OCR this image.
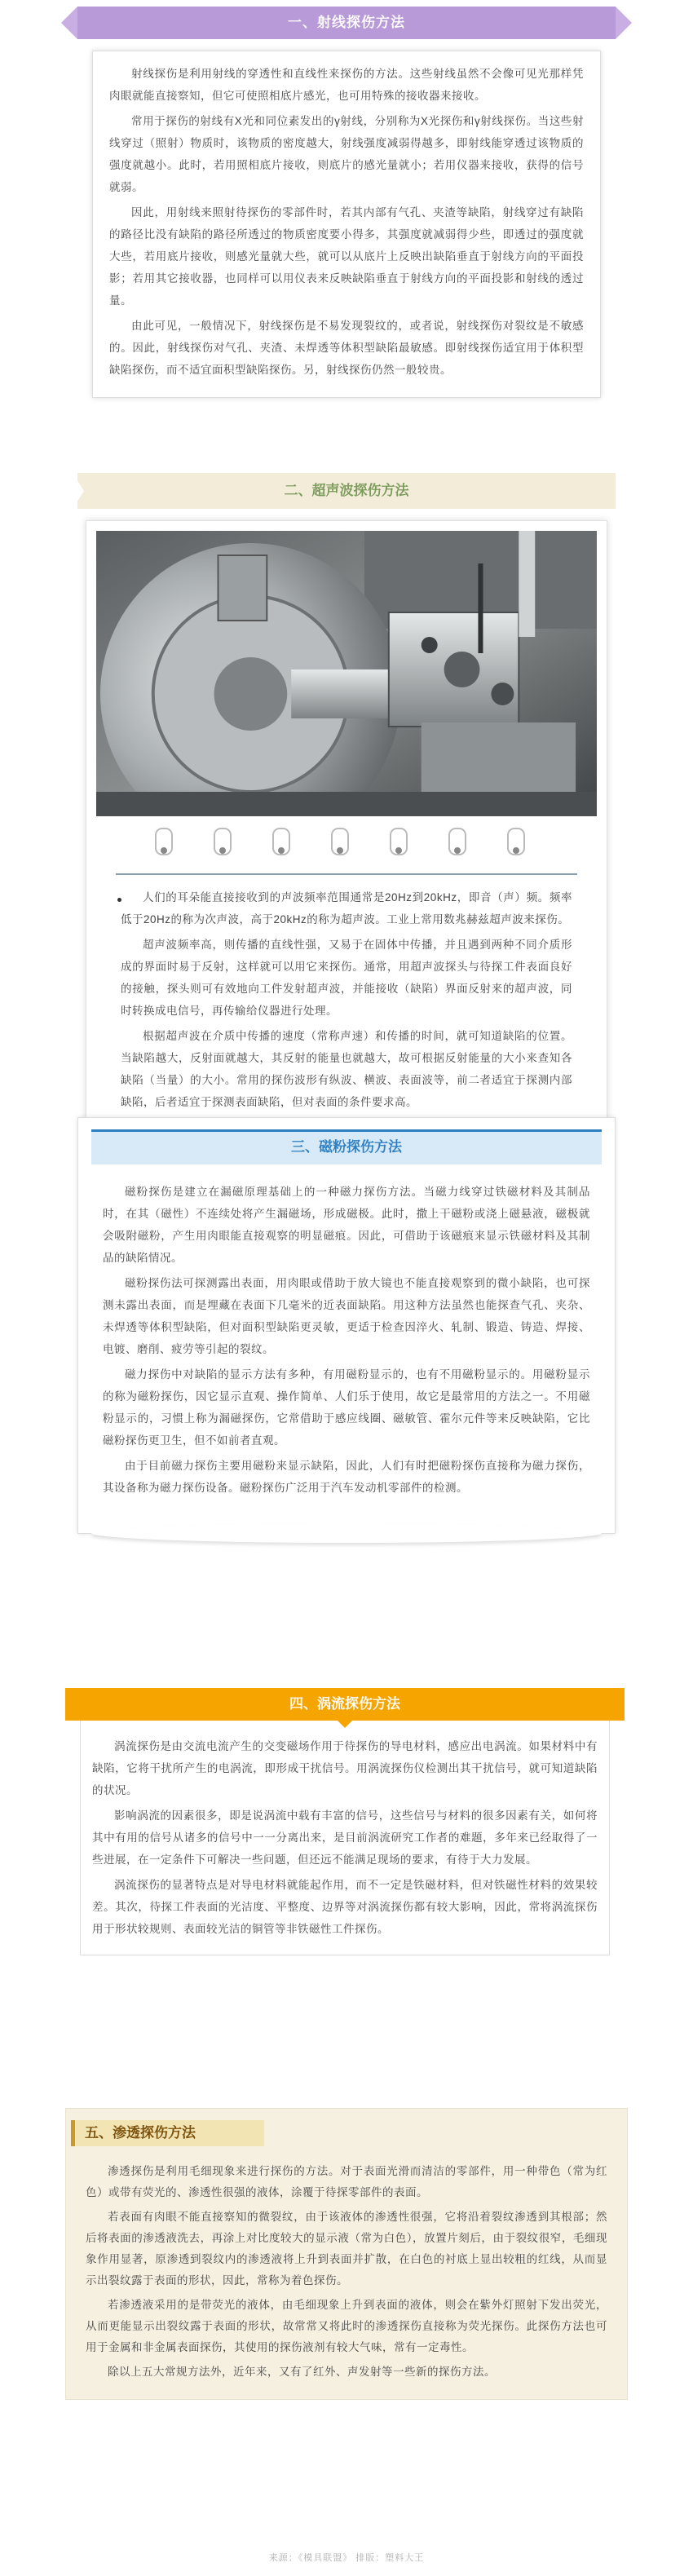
一、射线探伤方法

射线探伤是利用射线的穿透性和直线性来探伤的方法。这些射线虽然不会像可见光那样凭肉眼就能直接察知，但它可使照相底片感光，也可用特殊的接收器来接收。

常用于探伤的射线有X光和同位素发出的γ射线，分别称为X光探伤和γ射线探伤。当这些射线穿过（照射）物质时，该物质的密度越大，射线强度减弱得越多，即射线能穿透过该物质的强度就越小。此时，若用照相底片接收，则底片的感光量就小；若用仪器来接收，获得的信号就弱。

因此，用射线来照射待探伤的零部件时，若其内部有气孔、夹渣等缺陷，射线穿过有缺陷的路径比没有缺陷的路径所透过的物质密度要小得多，其强度就减弱得少些，即透过的强度就大些，若用底片接收，则感光量就大些，就可以从底片上反映出缺陷垂直于射线方向的平面投影；若用其它接收器，也同样可以用仪表来反映缺陷垂直于射线方向的平面投影和射线的透过量。

由此可见，一般情况下，射线探伤是不易发现裂纹的，或者说，射线探伤对裂纹是不敏感的。因此，射线探伤对气孔、夹渣、未焊透等体积型缺陷最敏感。即射线探伤适宜用于体积型缺陷探伤，而不适宜面积型缺陷探伤。另，射线探伤仍然一般较贵。

二、超声波探伤方法

人们的耳朵能直接接收到的声波频率范围通常是20Hz到20kHz，即音（声）频。频率低于20Hz的称为次声波，高于20kHz的称为超声波。工业上常用数兆赫兹超声波来探伤。

超声波频率高，则传播的直线性强，又易于在固体中传播，并且遇到两种不同介质形成的界面时易于反射，这样就可以用它来探伤。通常，用超声波探头与待探工件表面良好的接触，探头则可有效地向工件发射超声波，并能接收（缺陷）界面反射来的超声波，同时转换成电信号，再传输给仪器进行处理。

根据超声波在介质中传播的速度（常称声速）和传播的时间，就可知道缺陷的位置。当缺陷越大，反射面就越大，其反射的能量也就越大，故可根据反射能量的大小来查知各缺陷（当量）的大小。常用的探伤波形有纵波、横波、表面波等，前二者适宜于探测内部缺陷，后者适宜于探测表面缺陷，但对表面的条件要求高。

三、磁粉探伤方法

磁粉探伤是建立在漏磁原理基础上的一种磁力探伤方法。当磁力线穿过铁磁材料及其制品时，在其（磁性）不连续处将产生漏磁场，形成磁极。此时，撒上干磁粉或浇上磁悬液，磁极就会吸附磁粉，产生用肉眼能直接观察的明显磁痕。因此，可借助于该磁痕来显示铁磁材料及其制品的缺陷情况。

磁粉探伤法可探测露出表面，用肉眼或借助于放大镜也不能直接观察到的微小缺陷，也可探测未露出表面，而是埋藏在表面下几毫米的近表面缺陷。用这种方法虽然也能探查气孔、夹杂、未焊透等体积型缺陷，但对面积型缺陷更灵敏，更适于检查因淬火、轧制、锻造、铸造、焊接、电镀、磨削、疲劳等引起的裂纹。

磁力探伤中对缺陷的显示方法有多种，有用磁粉显示的，也有不用磁粉显示的。用磁粉显示的称为磁粉探伤，因它显示直观、操作简单、人们乐于使用，故它是最常用的方法之一。不用磁粉显示的，习惯上称为漏磁探伤，它常借助于感应线圈、磁敏管、霍尔元件等来反映缺陷，它比磁粉探伤更卫生，但不如前者直观。

由于目前磁力探伤主要用磁粉来显示缺陷，因此，人们有时把磁粉探伤直接称为磁力探伤，其设备称为磁力探伤设备。磁粉探伤广泛用于汽车发动机零部件的检测。

四、涡流探伤方法

涡流探伤是由交流电流产生的交变磁场作用于待探伤的导电材料，感应出电涡流。如果材料中有缺陷，它将干扰所产生的电涡流，即形成干扰信号。用涡流探伤仪检测出其干扰信号，就可知道缺陷的状况。

影响涡流的因素很多，即是说涡流中载有丰富的信号，这些信号与材料的很多因素有关，如何将其中有用的信号从诸多的信号中一一分离出来，是目前涡流研究工作者的难题，多年来已经取得了一些进展，在一定条件下可解决一些问题，但还远不能满足现场的要求，有待于大力发展。

涡流探伤的显著特点是对导电材料就能起作用，而不一定是铁磁材料，但对铁磁性材料的效果较差。其次，待探工件表面的光洁度、平整度、边界等对涡流探伤都有较大影响，因此，常将涡流探伤用于形状较规则、表面较光洁的铜管等非铁磁性工件探伤。

五、渗透探伤方法

渗透探伤是利用毛细现象来进行探伤的方法。对于表面光滑而清洁的零部件，用一种带色（常为红色）或带有荧光的、渗透性很强的液体，涂覆于待探零部件的表面。

若表面有肉眼不能直接察知的微裂纹，由于该液体的渗透性很强，它将沿着裂纹渗透到其根部；然后将表面的渗透液洗去，再涂上对比度较大的显示液（常为白色），放置片刻后，由于裂纹很窄，毛细现象作用显著，原渗透到裂纹内的渗透液将上升到表面并扩散，在白色的衬底上显出较粗的红线，从而显示出裂纹露于表面的形状，因此，常称为着色探伤。

若渗透液采用的是带荧光的液体，由毛细现象上升到表面的液体，则会在紫外灯照射下发出荧光，从而更能显示出裂纹露于表面的形状，故常常又将此时的渗透探伤直接称为荧光探伤。此探伤方法也可用于金属和非金属表面探伤，其使用的探伤液剂有较大气味，常有一定毒性。

除以上五大常规方法外，近年来，又有了红外、声发射等一些新的探伤方法。

来源：《模具联盟》 排版：塑料大王
